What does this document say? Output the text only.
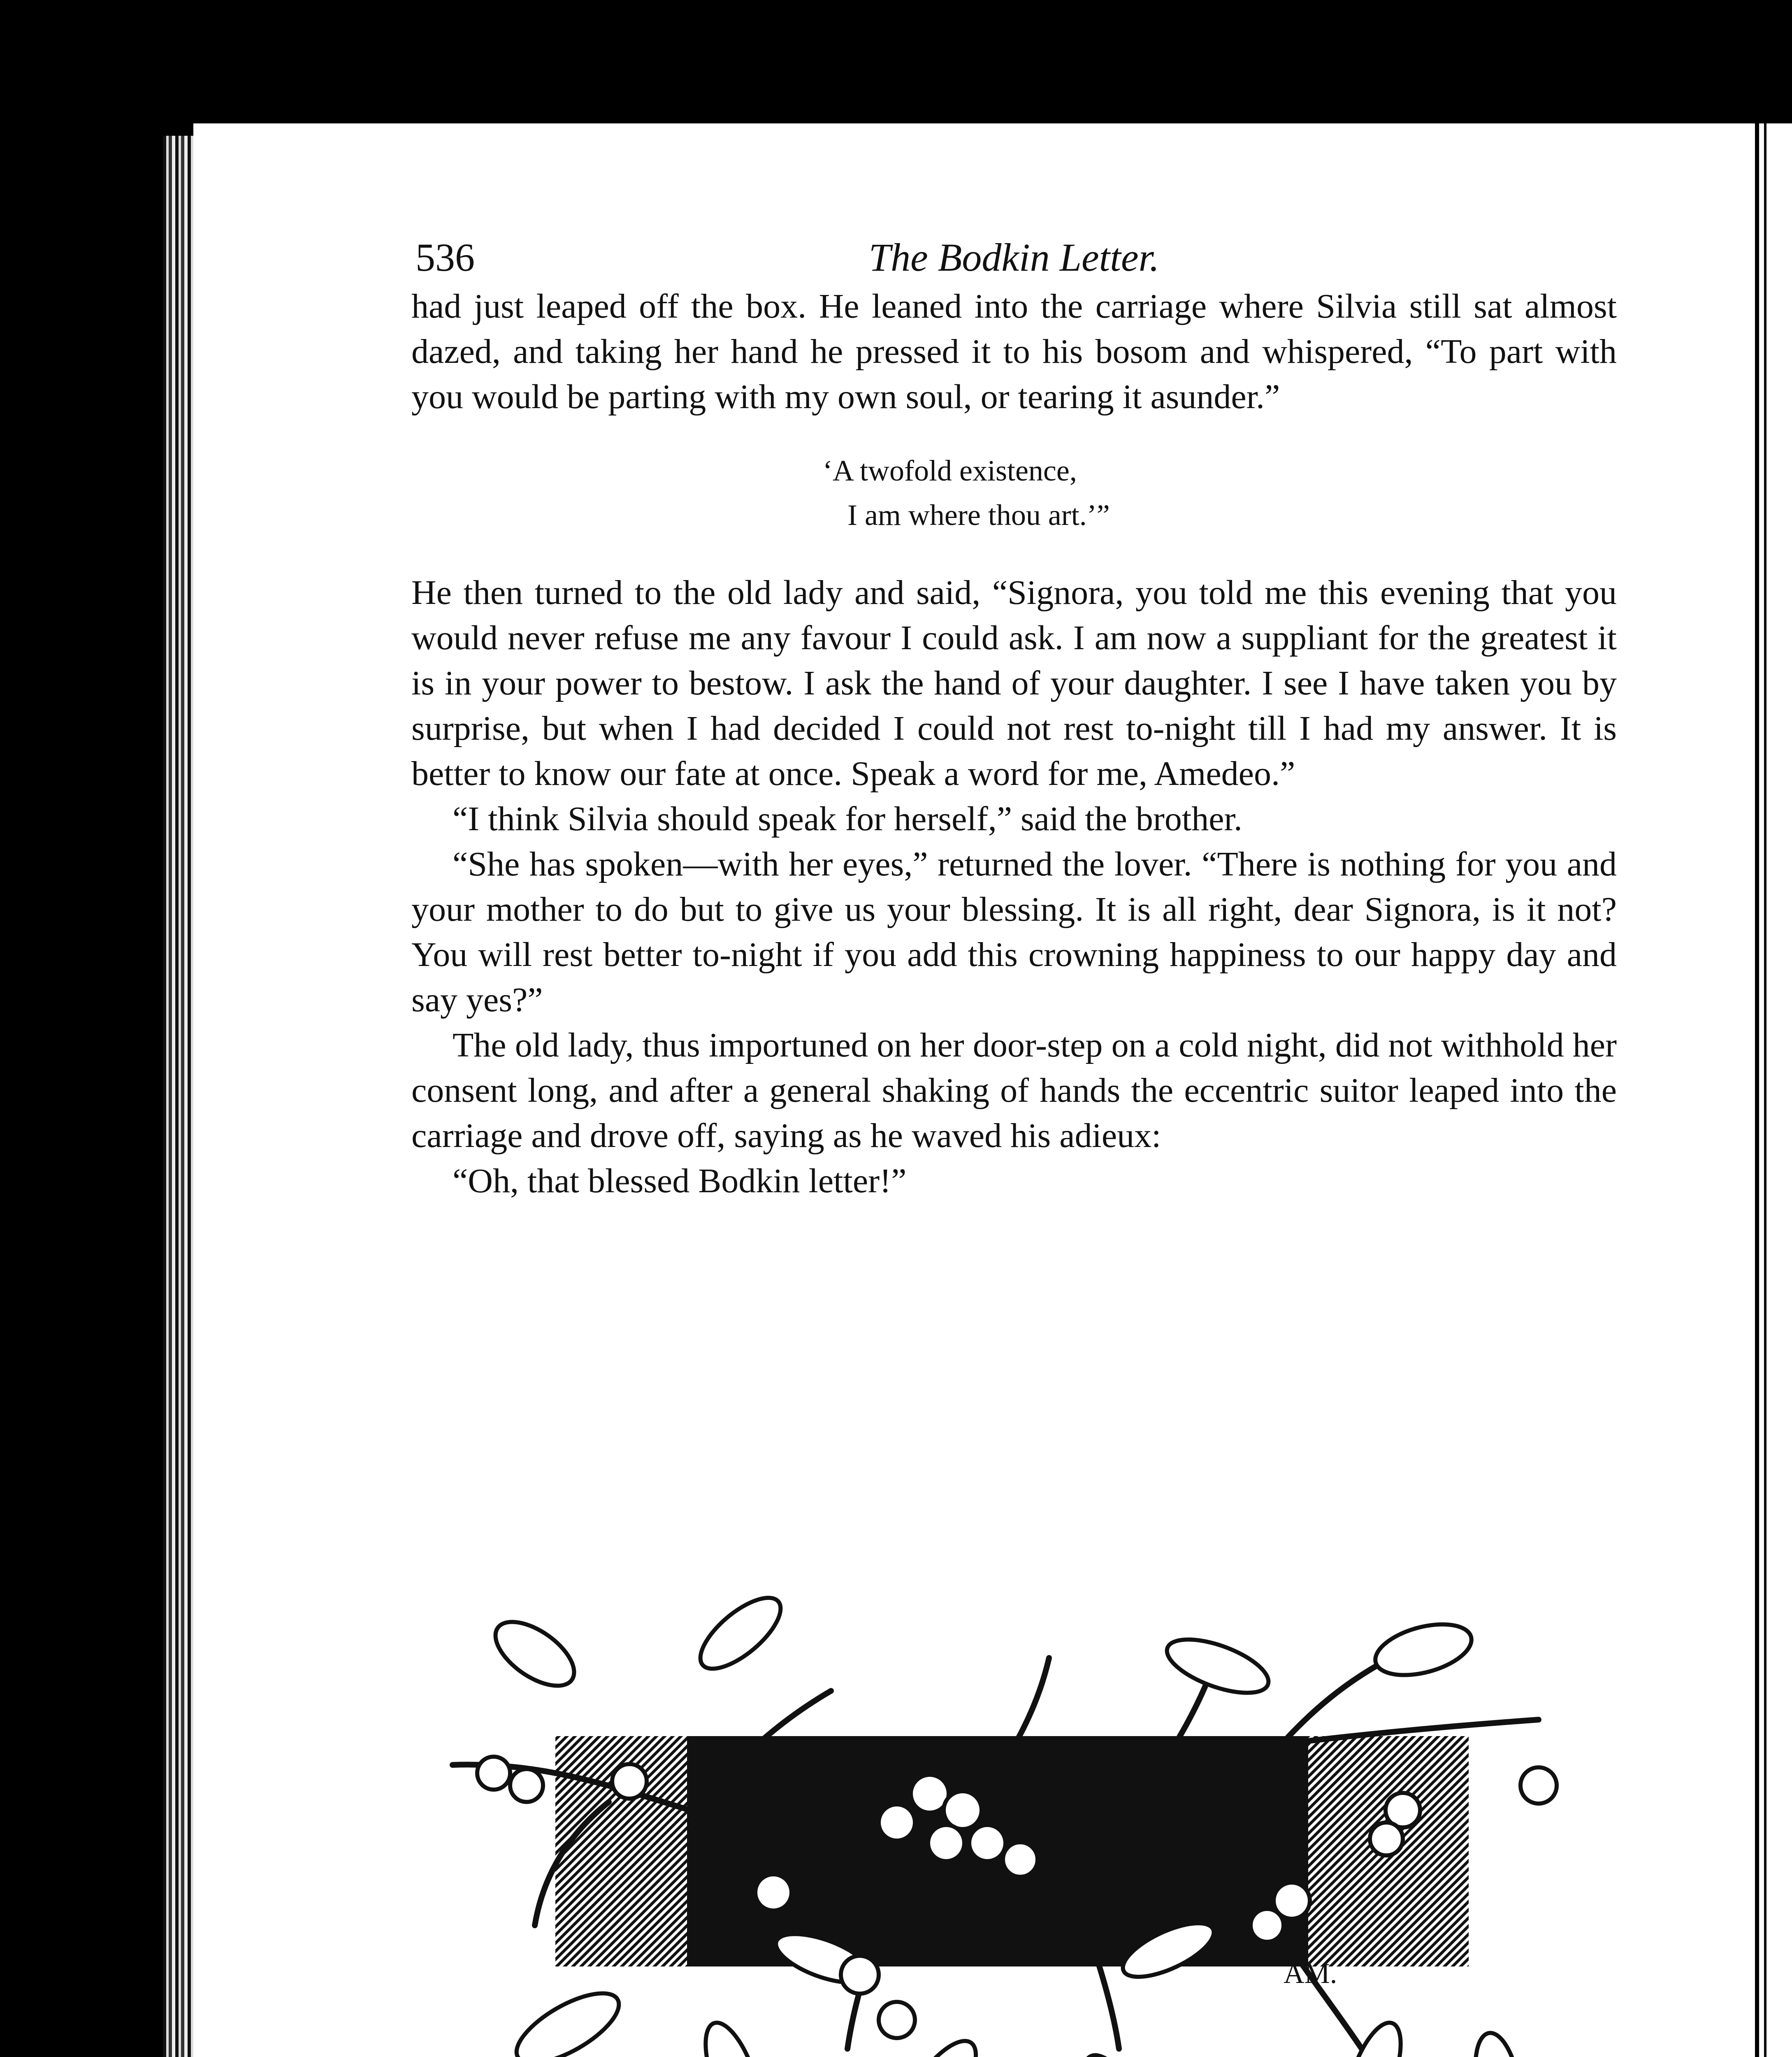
536	The Bodkin Letter.

had just leaped off the box. He leaned into the carriage where Silvia still sat almost dazed, and taking her hand he pressed it to his bosom and whispered, “To part with you would be parting with my own soul, or tearing it asunder.”

‘A twofold existence,
I am where thou art.’”

He then turned to the old lady and said, “Signora, you told me this evening that you would never refuse me any favour I could ask. I am now a suppliant for the greatest it is in your power to bestow. I ask the hand of your daughter. I see I have taken you by surprise, but when I had decided I could not rest to-night till I had my answer. It is better to know our fate at once. Speak a word for me, Amedeo.”

“I think Silvia should speak for herself,” said the brother.

“She has spoken—with her eyes,” returned the lover. “There is nothing for you and your mother to do but to give us your blessing. It is all right, dear Signora, is it not? You will rest better to-night if you add this crowning happiness to our happy day and say yes?”

The old lady, thus importuned on her door-step on a cold night, did not withhold her consent long, and after a general shaking of hands the eccentric suitor leaped into the carriage and drove off, saying as he waved his adieux:

“Oh, that blessed Bodkin letter!”

AM.
